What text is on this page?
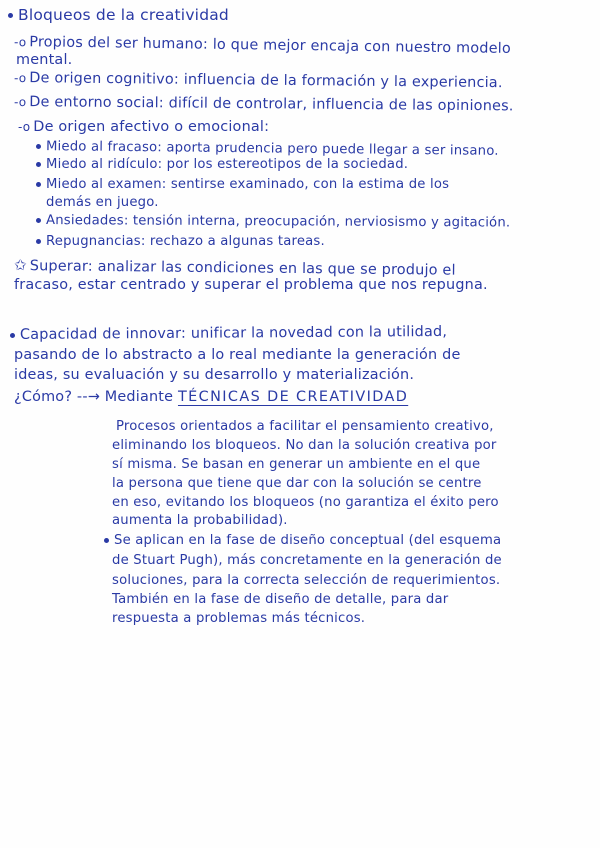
Bloqueos de la creatividad
-o Propios del ser humano: lo que mejor encaja con nuestro modelo
mental.
-o De origen cognitivo: influencia de la formación y la experiencia.
-o De entorno social: difícil de controlar, influencia de las opiniones.
-o De origen afectivo o emocional:
Miedo al fracaso: aporta prudencia pero puede llegar a ser insano.
Miedo al ridículo: por los estereotipos de la sociedad.
Miedo al examen: sentirse examinado, con la estima de los
demás en juego.
Ansiedades: tensión interna, preocupación, nerviosismo y agitación.
Repugnancias: rechazo a algunas tareas.
✩ Superar: analizar las condiciones en las que se produjo el
fracaso, estar centrado y superar el problema que nos repugna.
Capacidad de innovar: unificar la novedad con la utilidad,
pasando de lo abstracto a lo real mediante la generación de
ideas, su evaluación y su desarrollo y materialización.
¿Cómo? --→ Mediante TÉCNICAS DE CREATIVIDAD
Procesos orientados a facilitar el pensamiento creativo,
eliminando los bloqueos. No dan la solución creativa por
sí misma. Se basan en generar un ambiente en el que
la persona que tiene que dar con la solución se centre
en eso, evitando los bloqueos (no garantiza el éxito pero
aumenta la probabilidad).
Se aplican en la fase de diseño conceptual (del esquema
de Stuart Pugh), más concretamente en la generación de
soluciones, para la correcta selección de requerimientos.
También en la fase de diseño de detalle, para dar
respuesta a problemas más técnicos.
